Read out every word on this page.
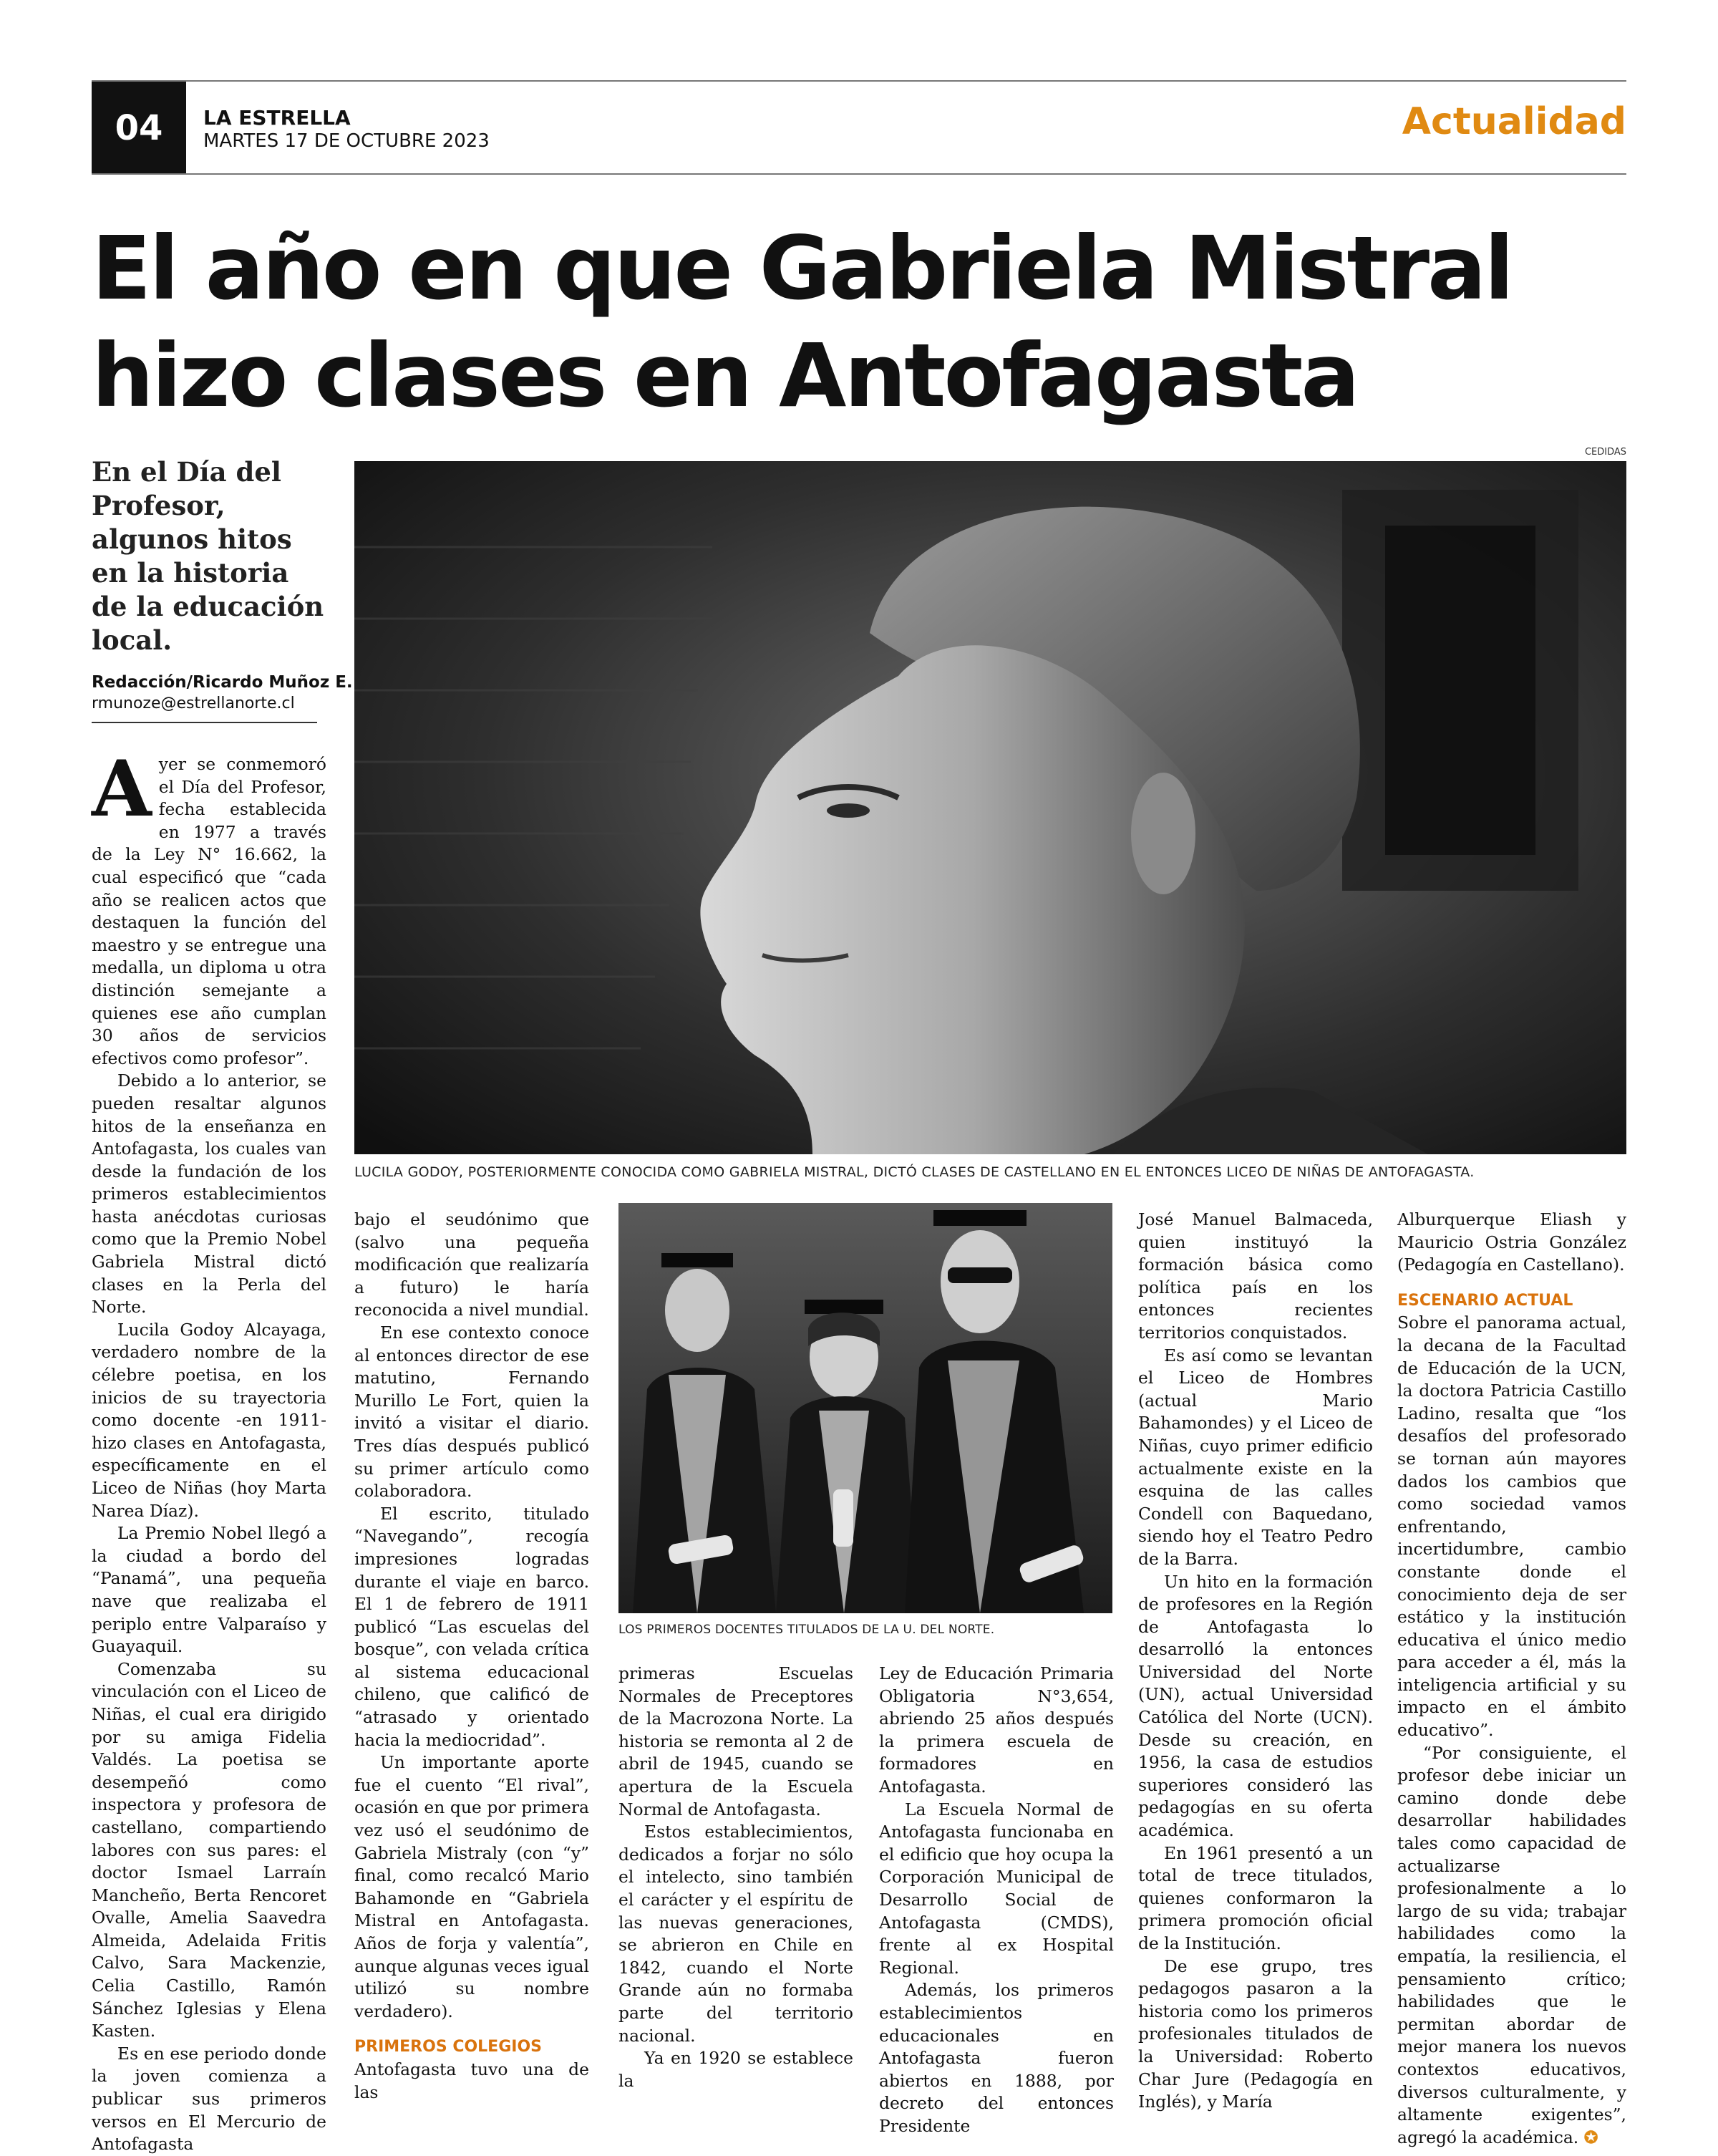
04	LA ESTRELLA
MARTES 17 DE OCTUBRE 2023	Actualidad
El año en que Gabriela Mistral
hizo clases en Antofagasta
En el Día del Profesor, algunos hitos en la historia de la educación local.
Redacción/Ricardo Muñoz E.
rmunoze@estrellanorte.cl
CEDIDAS
LUCILA GODOY, POSTERIORMENTE CONOCIDA COMO GABRIELA MISTRAL, DICTÓ CLASES DE CASTELLANO EN EL ENTONCES LICEO DE NIÑAS DE ANTOFAGASTA.
LOS PRIMEROS DOCENTES TITULADOS DE LA U. DEL NORTE.

Ayer se conmemoró el Día del Profesor, fecha establecida en 1977 a través de la Ley N° 16.662, la cual especificó que “cada año se realicen actos que destaquen la función del maestro y se entregue una medalla, un diploma u otra distinción semejante a quienes ese año cumplan 30 años de servicios efectivos como profesor”.

Debido a lo anterior, se pueden resaltar algunos hitos de la enseñanza en Antofagasta, los cuales van desde la fundación de los primeros establecimientos hasta anécdotas curiosas como que la Premio Nobel Gabriela Mistral dictó clases en la Perla del Norte.

Lucila Godoy Alcayaga, verdadero nombre de la célebre poetisa, en los inicios de su trayectoria como docente -en 1911- hizo clases en Antofagasta, específicamente en el Liceo de Niñas (hoy Marta Narea Díaz).

La Premio Nobel llegó a la ciudad a bordo del “Panamá”, una pequeña nave que realizaba el periplo entre Valparaíso y Guayaquil.

Comenzaba su vinculación con el Liceo de Niñas, el cual era dirigido por su amiga Fidelia Valdés. La poetisa se desempeñó como inspectora y profesora de castellano, compartiendo labores con sus pares: el doctor Ismael Larraín Mancheño, Berta Rencoret Ovalle, Amelia Saavedra Almeida, Adelaida Fritis Calvo, Sara Mackenzie, Celia Castillo, Ramón Sánchez Iglesias y Elena Kasten.

Es en ese periodo donde la joven comienza a publicar sus primeros versos en El Mercurio de Antofagasta

bajo el seudónimo que (salvo una pequeña modificación que realizaría a futuro) le haría reconocida a nivel mundial.

En ese contexto conoce al entonces director de ese matutino, Fernando Murillo Le Fort, quien la invitó a visitar el diario. Tres días después publicó su primer artículo como colaboradora.

El escrito, titulado “Navegando”, recogía impresiones logradas durante el viaje en barco. El 1 de febrero de 1911 publicó “Las escuelas del bosque”, con velada crítica al sistema educacional chileno, que calificó de “atrasado y orientado hacia la mediocridad”.

Un importante aporte fue el cuento “El rival”, ocasión en que por primera vez usó el seudónimo de Gabriela Mistraly (con “y” final, como recalcó Mario Bahamonde en “Gabriela Mistral en Antofagasta. Años de forja y valentía”, aunque algunas veces igual utilizó su nombre verdadero).

PRIMEROS COLEGIOS

Antofagasta tuvo una de las

primeras Escuelas Normales de Preceptores de la Macrozona Norte. La historia se remonta al 2 de abril de 1945, cuando se apertura de la Escuela Normal de Antofagasta.

Estos establecimientos, dedicados a forjar no sólo el intelecto, sino también el carácter y el espíritu de las nuevas generaciones, se abrieron en Chile en 1842, cuando el Norte Grande aún no formaba parte del territorio nacional.

Ya en 1920 se establece la

Ley de Educación Primaria Obligatoria N°3,654, abriendo 25 años después la primera escuela de formadores en Antofagasta.

La Escuela Normal de Antofagasta funcionaba en el edificio que hoy ocupa la Corporación Municipal de Desarrollo Social de Antofagasta (CMDS), frente al ex Hospital Regional.

Además, los primeros establecimientos educacionales en Antofagasta fueron abiertos en 1888, por decreto del entonces Presidente

José Manuel Balmaceda, quien instituyó la formación básica como política país en los entonces recientes territorios conquistados.

Es así como se levantan el Liceo de Hombres (actual Mario Bahamondes) y el Liceo de Niñas, cuyo primer edificio actualmente existe en la esquina de las calles Condell con Baquedano, siendo hoy el Teatro Pedro de la Barra.

Un hito en la formación de profesores en la Región de Antofagasta lo desarrolló la entonces Universidad del Norte (UN), actual Universidad Católica del Norte (UCN). Desde su creación, en 1956, la casa de estudios superiores consideró las pedagogías en su oferta académica.

En 1961 presentó a un total de trece titulados, quienes conformaron la primera promoción oficial de la Institución.

De ese grupo, tres pedagogos pasaron a la historia como los primeros profesionales titulados de la Universidad: Roberto Char Jure (Pedagogía en Inglés), y María

Alburquerque Eliash y Mauricio Ostria González (Pedagogía en Castellano).

ESCENARIO ACTUAL

Sobre el panorama actual, la decana de la Facultad de Educación de la UCN, la doctora Patricia Castillo Ladino, resalta que “los desafíos del profesorado se tornan aún mayores dados los cambios que como sociedad vamos enfrentando, incertidumbre, cambio constante donde el conocimiento deja de ser estático y la institución educativa el único medio para acceder a él, más la inteligencia artificial y su impacto en el ámbito educativo”.

“Por consiguiente, el profesor debe iniciar un camino donde debe desarrollar habilidades tales como capacidad de actualizarse profesionalmente a lo largo de su vida; trabajar habilidades como la empatía, la resiliencia, el pensamiento crítico; habilidades que le permitan abordar de mejor manera los nuevos contextos educativos, diversos culturalmente, y altamente exigentes”, agregó la académica. ✪
